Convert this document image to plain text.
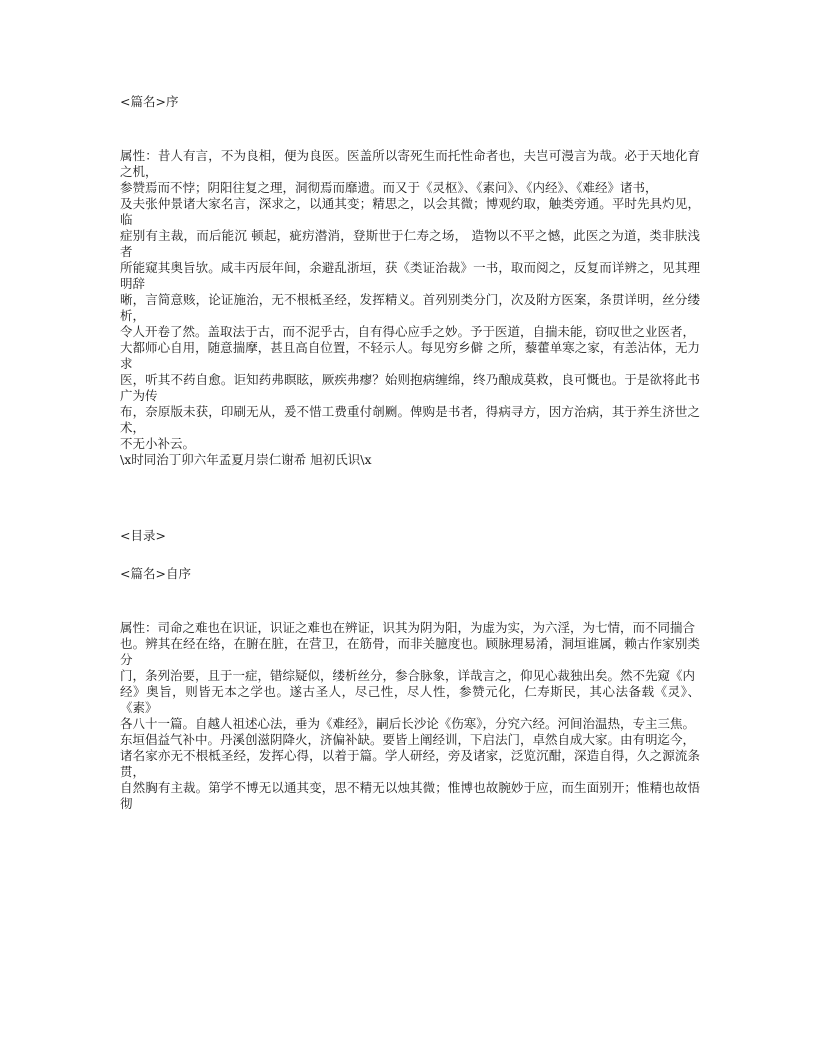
<篇名>序
属性：昔人有言，不为良相，便为良医。医盖所以寄死生而托性命者也，夫岂可漫言为哉。必于天地化育之机，
参赞焉而不悖；阴阳往复之理，洞彻焉而靡遗。而又于《灵枢》、《素问》、《内经》、《难经》诸书，
及夫张仲景诸大家名言，深求之，以通其变；精思之，以会其微；博观约取，触类旁通。平时先具灼见，临
症别有主裁，而后能沉 顿起，疵疠潜消，登斯世于仁寿之场， 造物以不平之憾，此医之为道，类非肤浅者
所能窥其奥旨欤。咸丰丙辰年间，余避乱浙垣，获《类证治裁》一书，取而阅之，反复而详辨之，见其理明辞
晰，言简意赅，论证施治，无不根柢圣经，发挥精义。首列别类分门，次及附方医案，条贯详明，丝分缕析，
令人开卷了然。盖取法于古，而不泥乎古，自有得心应手之妙。予于医道，自揣未能，窃叹世之业医者，
大都师心自用，随意揣摩，甚且高自位置，不轻示人。每见穷乡僻 之所，藜藿单寒之家，有恙沾体，无力求
医，听其不药自愈。讵知药弗瞑眩，厥疾弗瘳？始则抱病缠绵，终乃酿成莫救，良可慨也。于是欲将此书广为传
布，奈原版未获，印刷无从，爰不惜工费重付剞劂。俾购是书者，得病寻方，因方治病，其于养生济世之术，
不无小补云。
\x时同治丁卯六年孟夏月崇仁谢希 旭初氏识\x
<目录>
<篇名>自序
属性：司命之难也在识证，识证之难也在辨证，识其为阴为阳，为虚为实，为六淫，为七情，而不同揣合
也。辨其在经在络，在腑在脏，在营卫，在筋骨，而非关臆度也。顾脉理易淆，洞垣谁属，赖古作家别类分
门，条列治要，且于一症，错综疑似，缕析丝分，参合脉象，详哉言之，仰见心裁独出矣。然不先窥《内
经》奥旨，则皆无本之学也。遂古圣人，尽己性，尽人性，参赞元化，仁寿斯民，其心法备载《灵》、《素》
各八十一篇。自越人祖述心法，垂为《难经》，嗣后长沙论《伤寒》，分究六经。河间治温热，专主三焦。
东垣倡益气补中。丹溪创滋阴降火，济偏补缺。要皆上阐经训，下启法门，卓然自成大家。由有明迄今，
诸名家亦无不根柢圣经，发挥心得，以着于篇。学人研经，旁及诸家，泛览沉酣，深造自得，久之源流条贯，
自然胸有主裁。第学不博无以通其变，思不精无以烛其微；惟博也故腕妙于应，而生面别开；惟精也故悟彻
